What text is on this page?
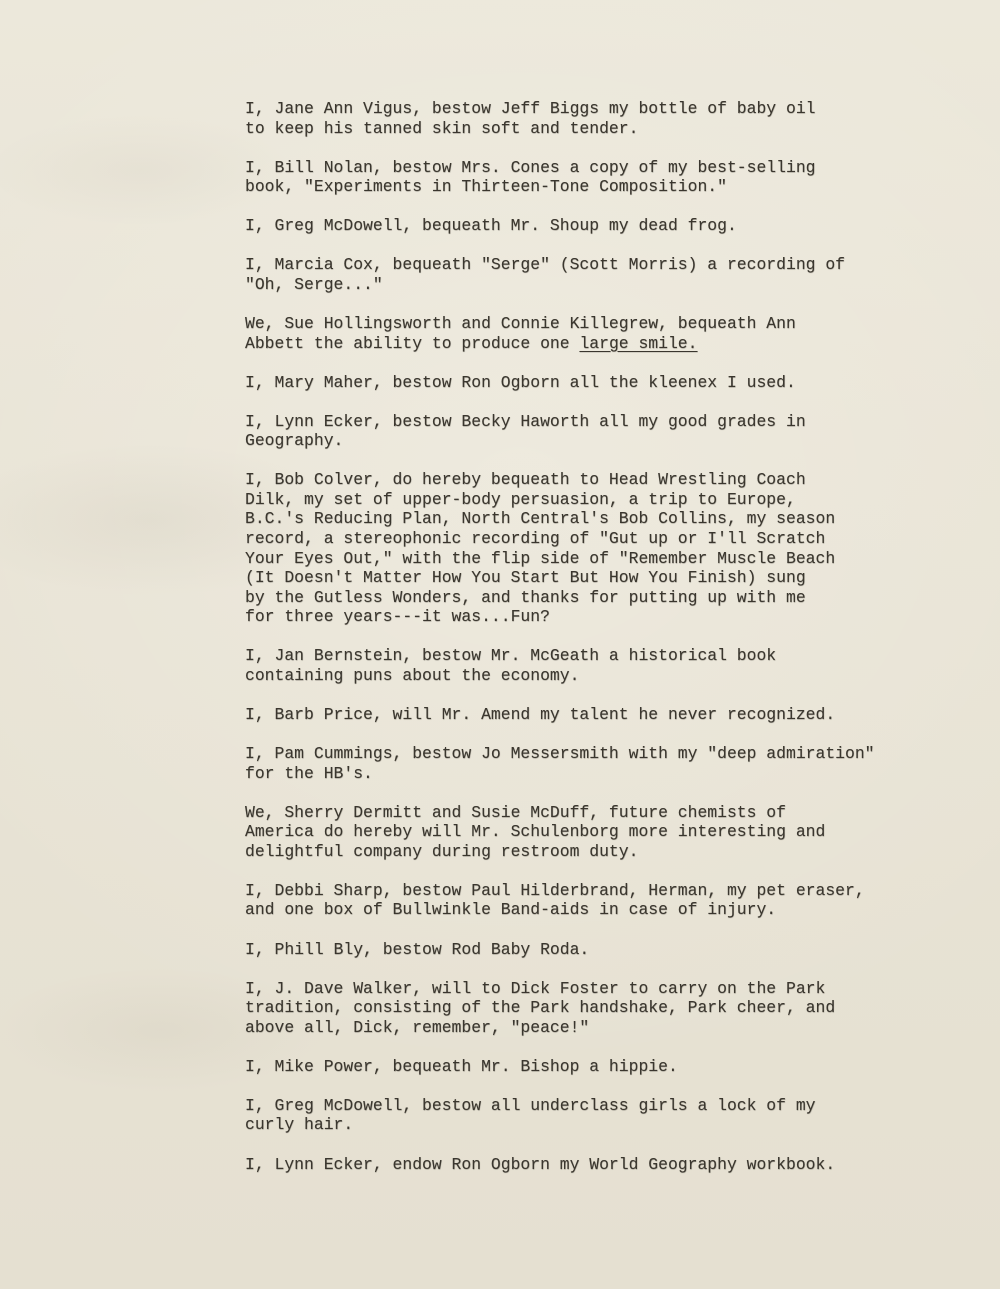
I, Jane Ann Vigus, bestow Jeff Biggs my bottle of baby oil
to keep his tanned skin soft and tender.

I, Bill Nolan, bestow Mrs. Cones a copy of my best-selling
book, "Experiments in Thirteen-Tone Composition."

I, Greg McDowell, bequeath Mr. Shoup my dead frog.

I, Marcia Cox, bequeath "Serge" (Scott Morris) a recording of
"Oh, Serge..."

We, Sue Hollingsworth and Connie Killegrew, bequeath Ann
Abbett the ability to produce one large smile.

I, Mary Maher, bestow Ron Ogborn all the kleenex I used.

I, Lynn Ecker, bestow Becky Haworth all my good grades in
Geography.

I, Bob Colver, do hereby bequeath to Head Wrestling Coach
Dilk, my set of upper-body persuasion, a trip to Europe,
B.C.'s Reducing Plan, North Central's Bob Collins, my season
record, a stereophonic recording of "Gut up or I'll Scratch
Your Eyes Out," with the flip side of "Remember Muscle Beach
(It Doesn't Matter How You Start But How You Finish) sung
by the Gutless Wonders, and thanks for putting up with me
for three years---it was...Fun?

I, Jan Bernstein, bestow Mr. McGeath a historical book
containing puns about the economy.

I, Barb Price, will Mr. Amend my talent he never recognized.

I, Pam Cummings, bestow Jo Messersmith with my "deep admiration"
for the HB's.

We, Sherry Dermitt and Susie McDuff, future chemists of
America do hereby will Mr. Schulenborg more interesting and
delightful company during restroom duty.

I, Debbi Sharp, bestow Paul Hilderbrand, Herman, my pet eraser,
and one box of Bullwinkle Band-aids in case of injury.

I, Phill Bly, bestow Rod Baby Roda.

I, J. Dave Walker, will to Dick Foster to carry on the Park
tradition, consisting of the Park handshake, Park cheer, and
above all, Dick, remember, "peace!"

I, Mike Power, bequeath Mr. Bishop a hippie.

I, Greg McDowell, bestow all underclass girls a lock of my
curly hair.

I, Lynn Ecker, endow Ron Ogborn my World Geography workbook.
